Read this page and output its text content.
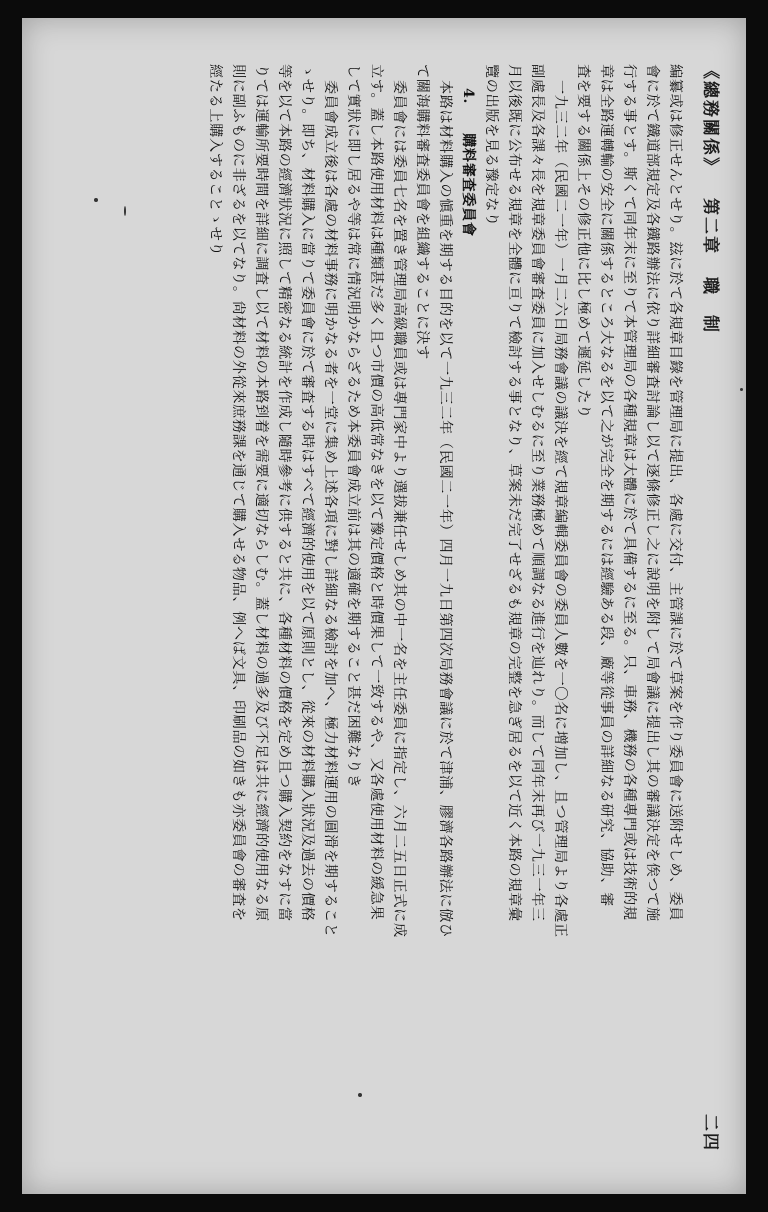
《總務關係》
第二章
職　制
二四
編纂或は修正せんとせり。玆に於て各規章目錄を管理局に提出、各處に交付、主管課に於て草案を作り委員會に送附せしめ、委員
會に於て鐵道部規定及各鐵路辦法に依り詳細審査討論し以て逐條修正し之に說明を附して局會議に提出し其の審議決定を俟つて施
行する事とす。斯くて同年末に至りて本管理局の各種規章は大體に於て具備するに至る。只、車務、機務の各種專門或は技術的規
章は全路運轉輸の安全に關係するところ大なるを以て之が完全を期するには經驗ある段、廠等從事員の詳細なる研究、協助、審
査を要する關係上その修正他に比し極めて遲延したり
一九三二年（民國二一年）一月二六日局務會議の議決を經て規章編輯委員會の委員人數を一〇名に增加し、且つ管理局より各處正
副處長及各課々長を規章委員會審査委員に加入せしむるに至り業務極めて順調なる進行を辿れり。而して同年末再び一九三一年三
月以後既に公布せる規章を全體に亘りて檢討する事となり、草案未だ完了せざるも規章の完整を急ぎ居るを以て近く本路の規章彙
覽の出版を見る豫定なり
4. 購料審査委員會
本路は材料購入の愼重を期する目的を以て一九三二年（民國二一年）四月一九日第四次局務會議に於て津浦、膠濟各路辦法に倣ひ
て關海購料審査委員會を組織することに決す
委員會には委員七名を置き管理局高級職員或は專門家中より選拔兼任せしめ其の中一名を主任委員に指定し、六月二五日正式に成
立す。蓋し本路使用材料は種類甚だ多く且つ市價の高低常なきを以て豫定價格と時價果して一致するや、又各處使用材料の緩急果
して實狀に即し居るや等は常に情況明かならざるため本委員會成立前は其の適確を期すること甚だ困難なりき
委員會成立後は各處の材料事務に明かなる者を一堂に集め上述各項に對し詳細なる檢討を加へ、極力材料運用の圓滑を期すること
ゝせり。即ち、材料購入に當りて委員會に於て審査する時はすべて經濟的使用を以て原則とし、從來の材料購入狀況及過去の價格
等を以て本路の經濟狀況に照して精密なる統計を作成し隨時參考に供すると共に、各種材料の價格を定め且つ購入契約をなすに當
りては運輸所要時間を詳細に調査し以て材料の本路到着を需要に適切ならしむ。蓋し材料の過多及び不足は共に經濟的使用なる原
則に副ふものに非ざるを以てなり。尙材料の外從來庶務課を通じて購入せる物品、例へば文具、印刷品の如きも亦委員會の審査を
經たる上購入することゝせり
